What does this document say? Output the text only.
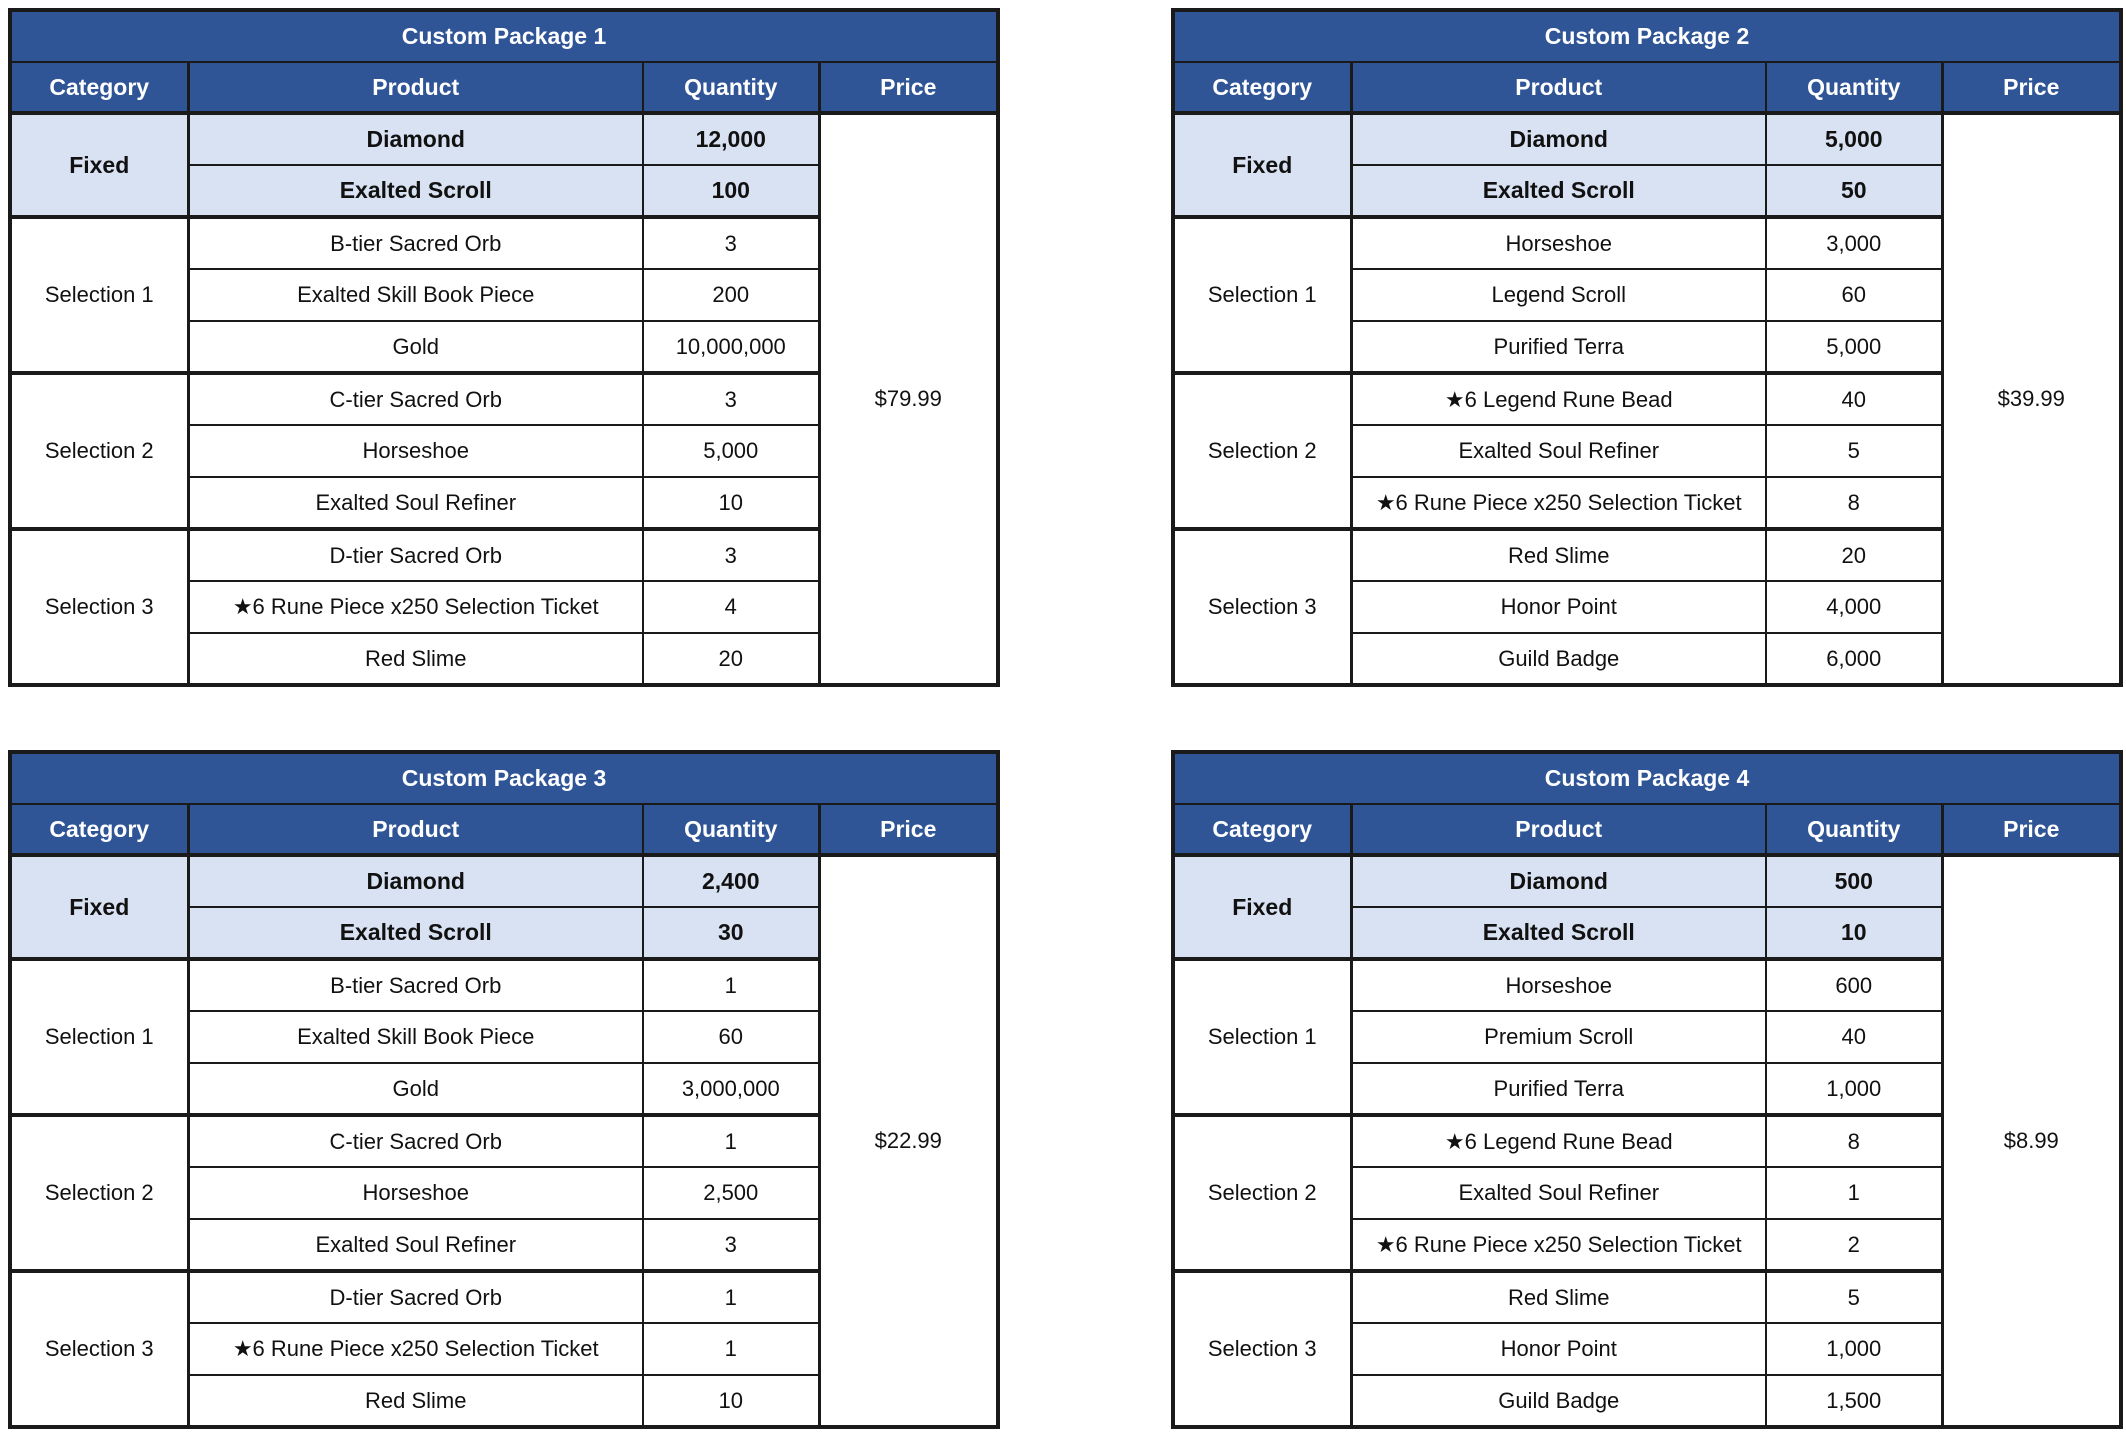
Custom Package 1			
Category	Product	Quantity	Price
Fixed	Diamond	12,000	$79.99
	Exalted Scroll	100	
Selection 1	B-tier Sacred Orb	3	
	Exalted Skill Book Piece	200	
	Gold	10,000,000	
Selection 2	C-tier Sacred Orb	3	
	Horseshoe	5,000	
	Exalted Soul Refiner	10	
Selection 3	D-tier Sacred Orb	3	
	★6 Rune Piece x250 Selection Ticket	4	
	Red Slime	20	
Custom Package 2			
Category	Product	Quantity	Price
Fixed	Diamond	5,000	$39.99
	Exalted Scroll	50	
Selection 1	Horseshoe	3,000	
	Legend Scroll	60	
	Purified Terra	5,000	
Selection 2	★6 Legend Rune Bead	40	
	Exalted Soul Refiner	5	
	★6 Rune Piece x250 Selection Ticket	8	
Selection 3	Red Slime	20	
	Honor Point	4,000	
	Guild Badge	6,000	
Custom Package 3			
Category	Product	Quantity	Price
Fixed	Diamond	2,400	$22.99
	Exalted Scroll	30	
Selection 1	B-tier Sacred Orb	1	
	Exalted Skill Book Piece	60	
	Gold	3,000,000	
Selection 2	C-tier Sacred Orb	1	
	Horseshoe	2,500	
	Exalted Soul Refiner	3	
Selection 3	D-tier Sacred Orb	1	
	★6 Rune Piece x250 Selection Ticket	1	
	Red Slime	10	
Custom Package 4			
Category	Product	Quantity	Price
Fixed	Diamond	500	$8.99
	Exalted Scroll	10	
Selection 1	Horseshoe	600	
	Premium Scroll	40	
	Purified Terra	1,000	
Selection 2	★6 Legend Rune Bead	8	
	Exalted Soul Refiner	1	
	★6 Rune Piece x250 Selection Ticket	2	
Selection 3	Red Slime	5	
	Honor Point	1,000	
	Guild Badge	1,500	
